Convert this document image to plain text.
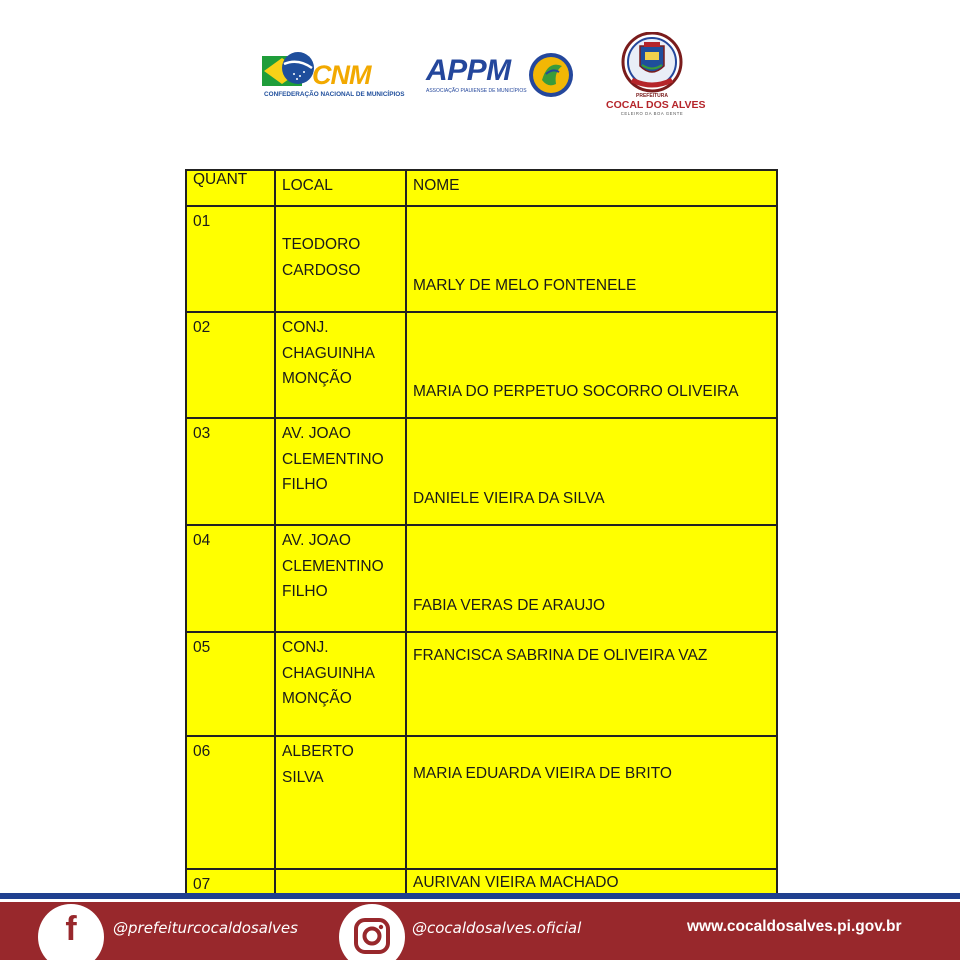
CNM
CONFEDERAÇÃO NACIONAL DE MUNICÍPIOS
APPM
ASSOCIAÇÃO PIAUIENSE DE MUNICÍPIOS
PREFEITURA
COCAL DOS ALVES
CELEIRO DA BOA GENTE
QUANT	LOCAL	NOME
01	TEODORO CARDOSO	MARLY DE MELO FONTENELE
02	CONJ. CHAGUINHA MONÇÃO	MARIA DO PERPETUO SOCORRO OLIVEIRA
03	AV. JOAO CLEMENTINO FILHO	DANIELE VIEIRA DA SILVA
04	AV. JOAO CLEMENTINO FILHO	FABIA VERAS DE ARAUJO
05	CONJ. CHAGUINHA MONÇÃO	FRANCISCA SABRINA DE OLIVEIRA VAZ
06	ALBERTO SILVA	MARIA EDUARDA VIEIRA DE BRITO
07		AURIVAN VIEIRA MACHADO
f	@prefeiturcocaldosalves	@cocaldosalves.oficial	www.cocaldosalves.pi.gov.br
